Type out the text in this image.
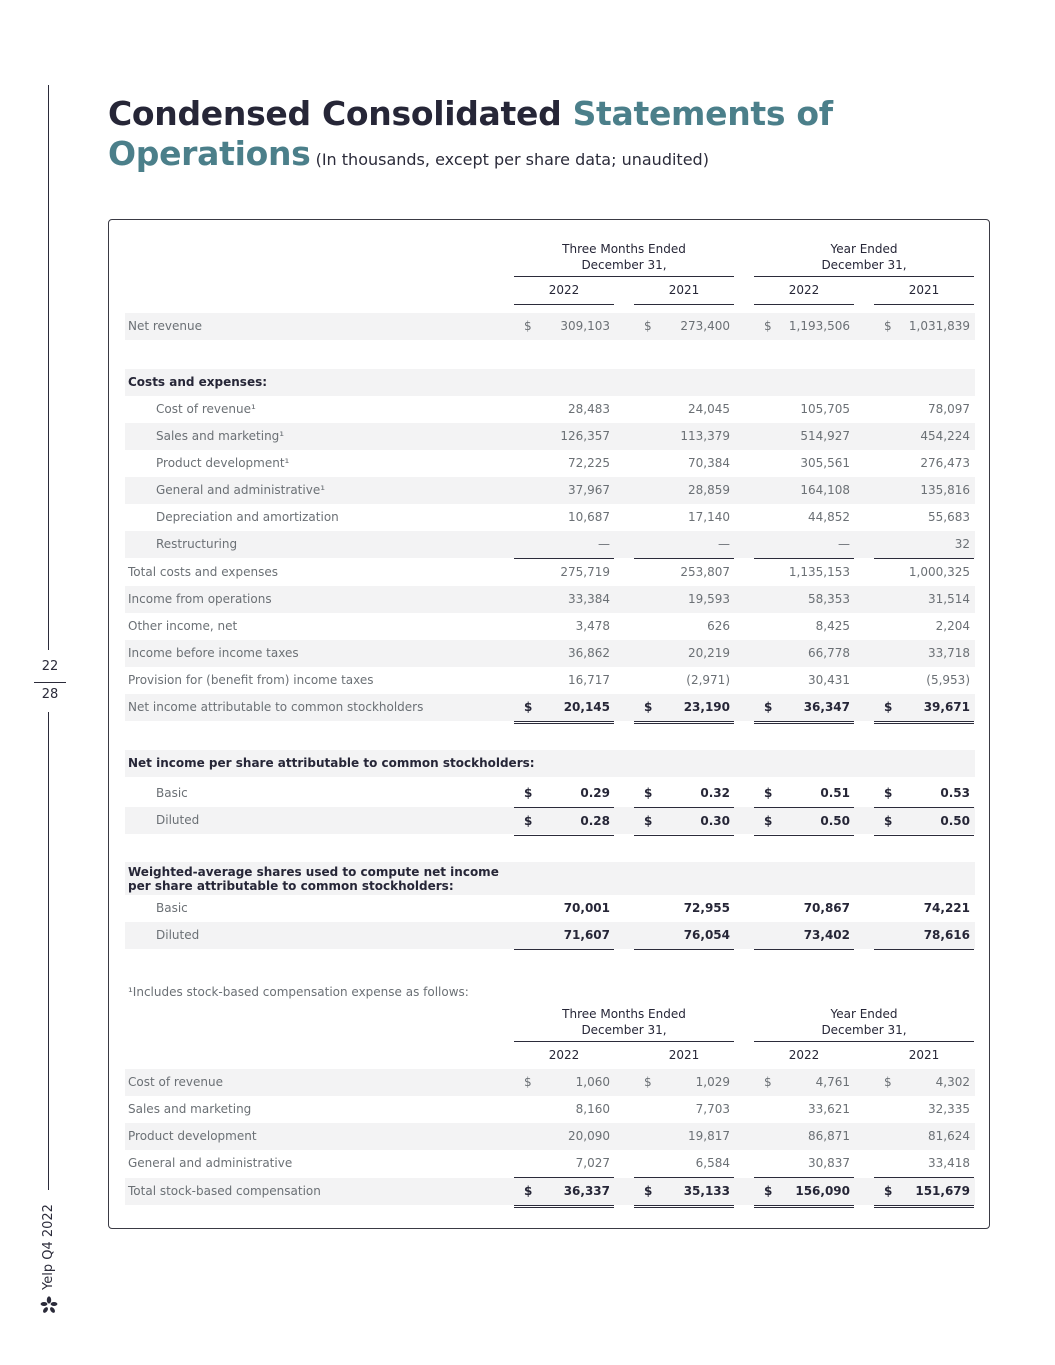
22
28
Yelp Q4 2022
Condensed Consolidated Statements of
Operations (In thousands, except per share data; unaudited)
Three Months Ended
December 31,
Year Ended
December 31,
2022	2021	2022	2021
Net revenue	$ 309,103	$ 273,400	$ 1,193,506	$ 1,031,839
Costs and expenses:
Cost of revenue¹	28,483	24,045	105,705	78,097
Sales and marketing¹	126,357	113,379	514,927	454,224
Product development¹	72,225	70,384	305,561	276,473
General and administrative¹	37,967	28,859	164,108	135,816
Depreciation and amortization	10,687	17,140	44,852	55,683
Restructuring	—	—	—	32
Total costs and expenses	275,719	253,807	1,135,153	1,000,325
Income from operations	33,384	19,593	58,353	31,514
Other income, net	3,478	626	8,425	2,204
Income before income taxes	36,862	20,219	66,778	33,718
Provision for (benefit from) income taxes	16,717	(2,971)	30,431	(5,953)
Net income attributable to common stockholders	$	20,145	$	23,190	$	36,347	$	39,671
Net income per share attributable to common stockholders:
Basic	$	0.29	$	0.32	$	0.51	$	0.53
Diluted	$	0.28	$	0.30	$	0.50	$	0.50
Weighted-average shares used to compute net income
per share attributable to common stockholders:
Basic	70,001	72,955	70,867	74,221
Diluted	71,607	76,054	73,402	78,616
¹Includes stock-based compensation expense as follows:
Three Months Ended
December 31,
Year Ended
December 31,
2022	2021	2022	2021
Cost of revenue	$	1,060	$	1,029	$	4,761	$	4,302
Sales and marketing	8,160	7,703	33,621	32,335
Product development	20,090	19,817	86,871	81,624
General and administrative	7,027	6,584	30,837	33,418
Total stock-based compensation	$	36,337	$	35,133	$ 156,090	$ 151,679
